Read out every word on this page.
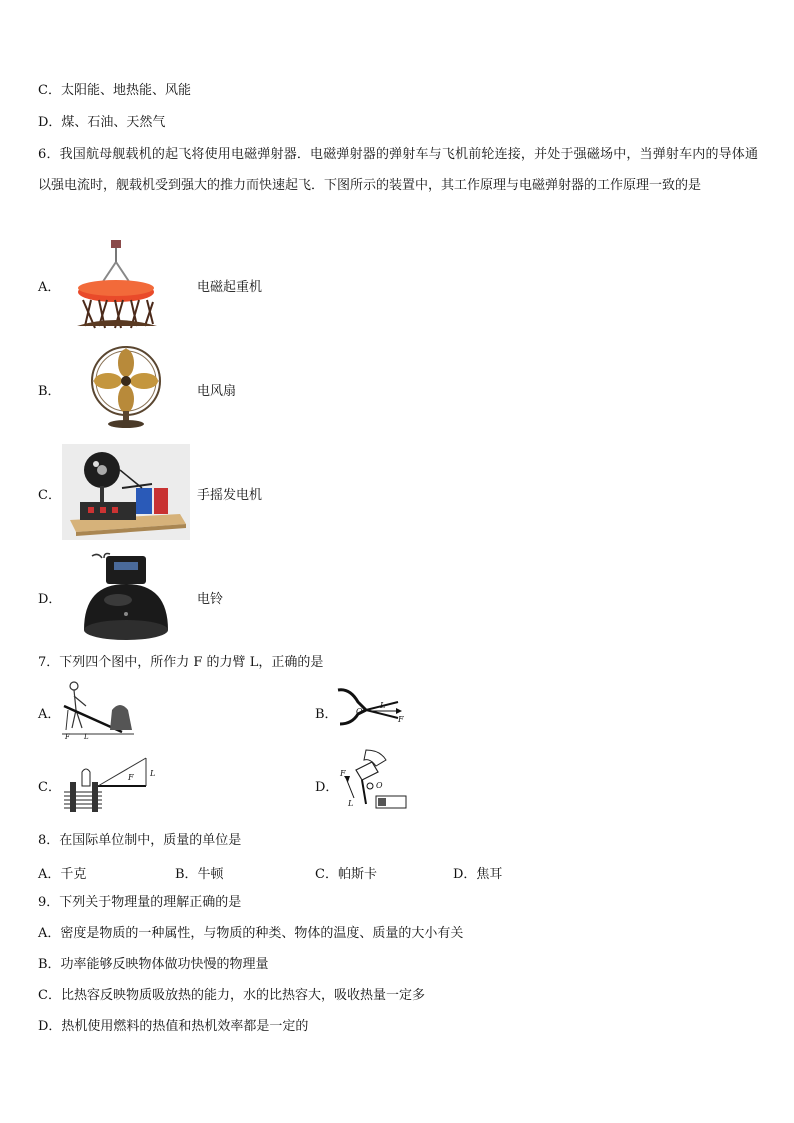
C．太阳能、地热能、风能
D．煤、石油、天然气
6．我国航母舰载机的起飞将使用电磁弹射器．电磁弹射器的弹射车与飞机前轮连接，并处于强磁场中，当弹射车内的导体通以强电流时，舰载机受到强大的推力而快速起飞．下图所示的装置中，其工作原理与电磁弹射器的工作原理一致的是
A．	电磁起重机
B．	电风扇
C．	手摇发电机
D．	电铃
7．下列四个图中，所作力 F 的力臂 L，正确的是
A．
F L
B． O
L
F
C．
F L
D．
F
L
O
8．在国际单位制中，质量的单位是
A．千克	B．牛顿	C．帕斯卡	D．焦耳
9．下列关于物理量的理解正确的是
A．密度是物质的一种属性，与物质的种类、物体的温度、质量的大小有关
B．功率能够反映物体做功快慢的物理量
C．比热容反映物质吸放热的能力，水的比热容大，吸收热量一定多
D．热机使用燃料的热值和热机效率都是一定的
